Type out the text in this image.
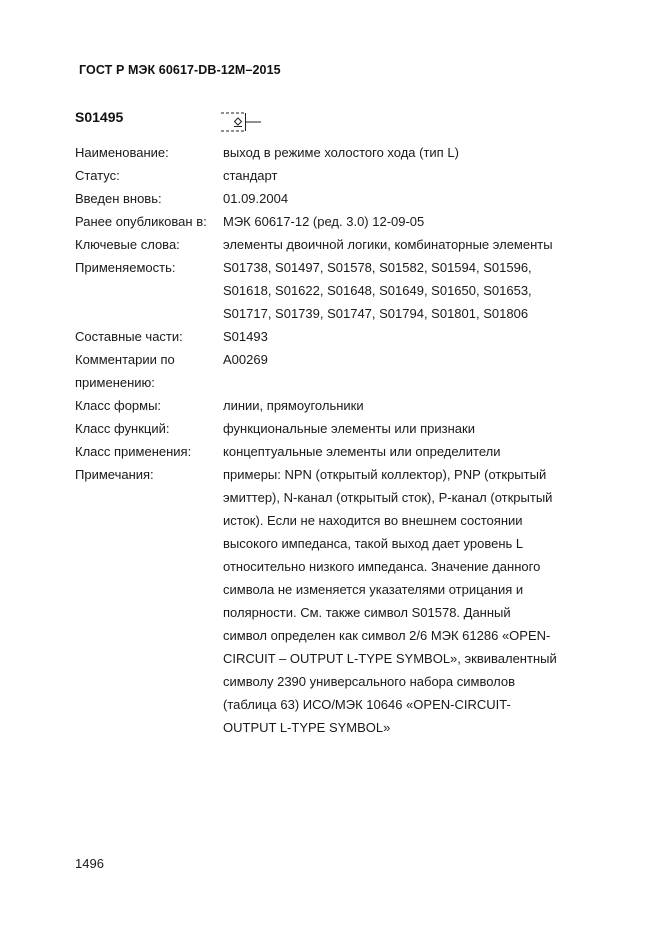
ГОСТ Р МЭК 60617-DB-12M–2015
S01495
Наименование:	выход в режиме холостого хода (тип L)
Статус:	стандарт
Введен вновь:	01.09.2004
Ранее опубликован в:	МЭК 60617-12 (ред. 3.0) 12-09-05
Ключевые слова:	элементы двоичной логики, комбинаторные элементы
Применяемость:	S01738, S01497, S01578, S01582, S01594, S01596,
S01618, S01622, S01648, S01649, S01650, S01653,
S01717, S01739, S01747, S01794, S01801, S01806
Составные части:	S01493
Комментарии по
применению:
A00269
Класс формы:	линии, прямоугольники
Класс функций:	функциональные элементы или признаки
Класс применения:	концептуальные элементы или определители
Примечания:	примеры: NPN (открытый коллектор), PNP (открытый
эмиттер), N-канал (открытый сток), P-канал (открытый
исток). Если не находится во внешнем состоянии
высокого импеданса, такой выход дает уровень L
относительно низкого импеданса. Значение данного
символа не изменяется указателями отрицания и
полярности. См. также символ S01578. Данный
символ определен как символ 2/6 МЭК 61286 «OPEN-
CIRCUIT – OUTPUT L-TYPE SYMBOL», эквивалентный
символу 2390 универсального набора символов
(таблица 63) ИСО/МЭК 10646 «OPEN-CIRCUIT-
OUTPUT L-TYPE SYMBOL»
1496
